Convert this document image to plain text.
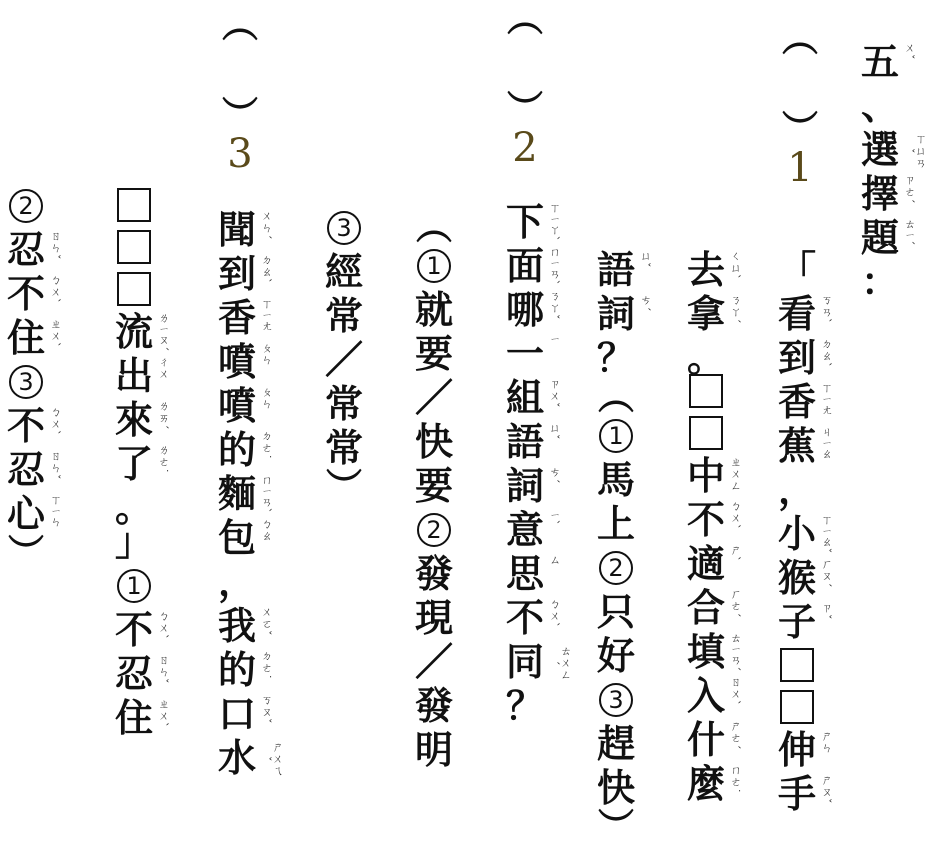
五 ㄨˇ
、
選	ㄒㄩㄢˇ
擇 ㄗㄜˊ
題 ㄊㄧˊ
：
︵
︶
1
「
看 ㄎㄢˋ
到 ㄉㄠˋ
香 ㄒㄧㄤ
蕉 ㄐㄧㄠ
，
小 ㄒㄧㄠˇ
猴 ㄏㄡˊ
子 ㄗˇ
伸 ㄕㄣ
手 ㄕㄡˇ
去 ㄑㄩˋ
拿 ㄋㄚˊ
。
中 ㄓㄨㄥ
不 ㄅㄨˋ
適 ㄕˋ
合 ㄏㄜˊ
填 ㄊㄧㄢˊ
入 ㄖㄨˋ
什 ㄕㄜˊ
麼 ㄇㄜ˙
語 ㄩˇ
詞 ㄘˊ
？
︵
1
馬
上
2
只
好
3
趕
快
︶
︵
︶
2
下 ㄒㄧㄚˋ
面 ㄇㄧㄢˋ
哪 ㄋㄚˇ
一 ㄧ
組 ㄗㄨˇ
語 ㄩˇ
詞 ㄘˊ
意 ㄧˋ
思 ㄙ
不 ㄅㄨˋ
同	ㄊㄨㄥˊ
？
︵
1
就
要
／
快
要
2
發
現
／
發
明
3
經
常
／
常
常
︶
︵
︶
3
聞 ㄨㄣˊ
到 ㄉㄠˋ
香 ㄒㄧㄤ
噴 ㄆㄣ
噴 ㄆㄣ
的 ㄉㄜ˙
麵 ㄇㄧㄢˋ
包 ㄅㄠ
，
我 ㄨㄛˇ
的 ㄉㄜ˙
口 ㄎㄡˇ
水	ㄕㄨㄟˇ
流 ㄌㄧㄡˊ
出 ㄔㄨ
來 ㄌㄞˊ
了 ㄌㄜ˙
。
」
1
不 ㄅㄨˋ
忍 ㄖㄣˇ
住 ㄓㄨˋ
2
忍 ㄖㄣˇ
不 ㄅㄨˋ
住 ㄓㄨˋ
3
不 ㄅㄨˋ
忍 ㄖㄣˇ
心 ㄒㄧㄣ
︶
